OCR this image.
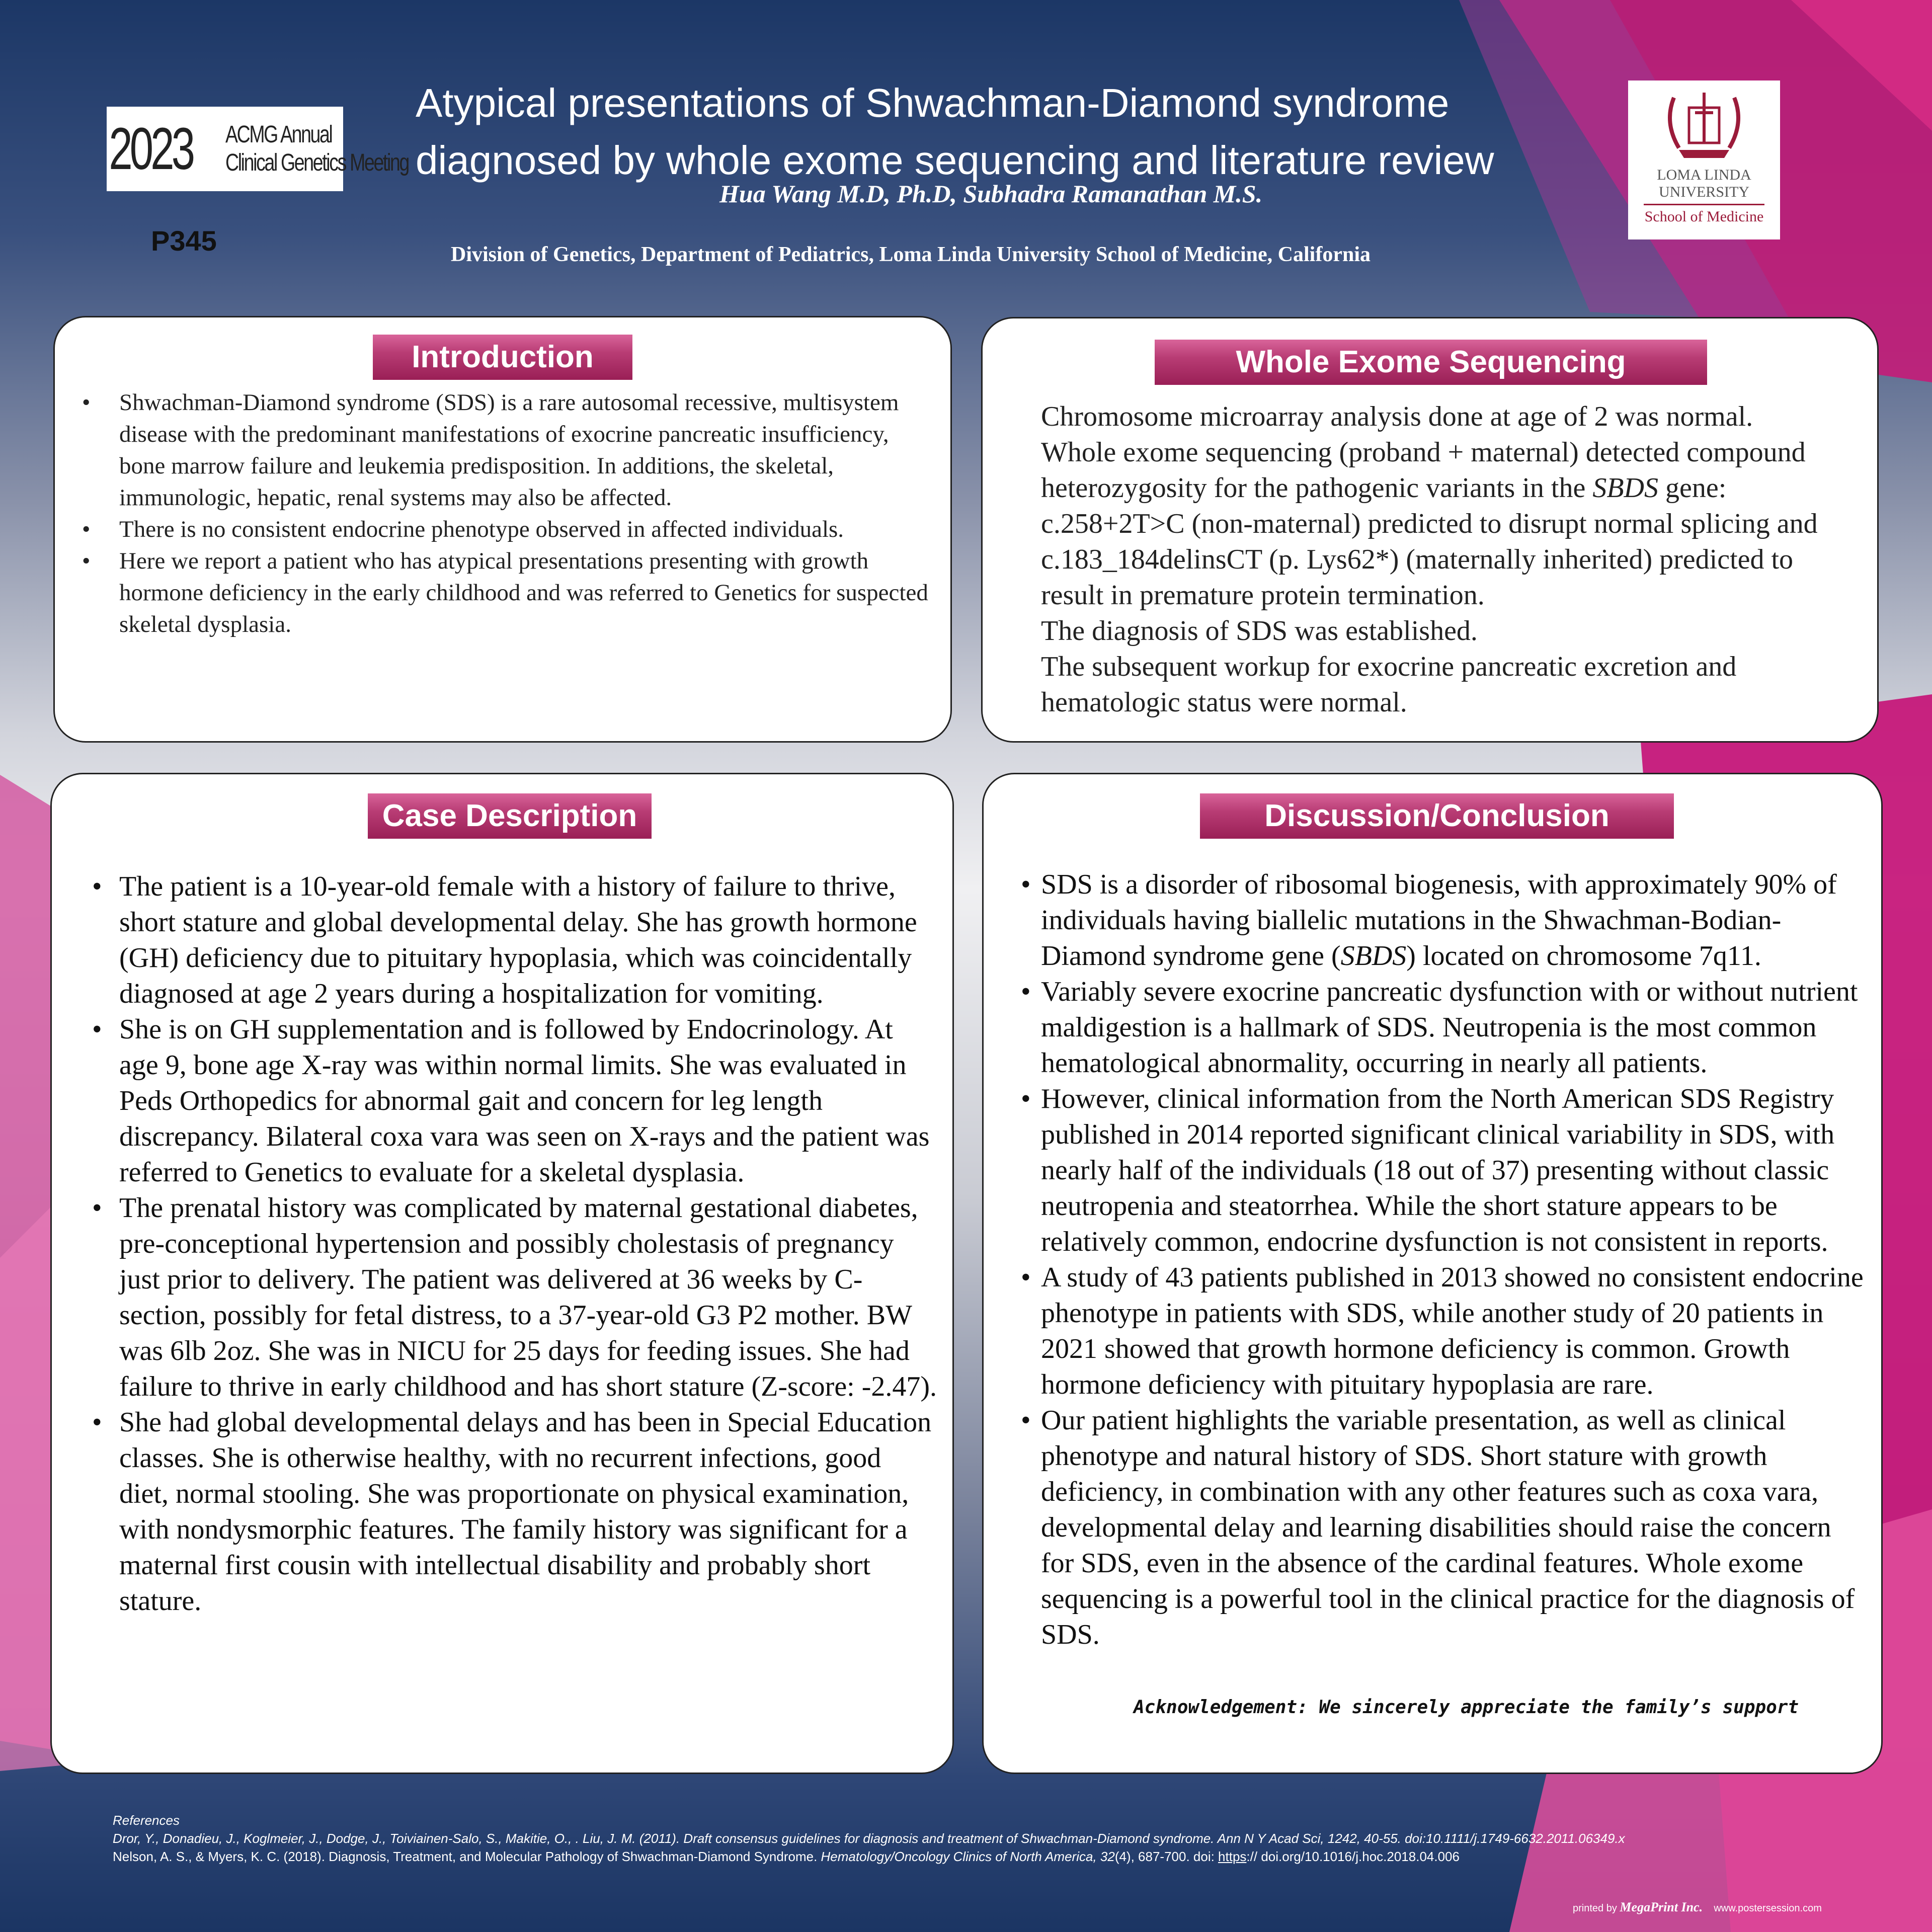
2023 ACMG Annual
Clinical Genetics Meeting
P345
Atypical presentations of Shwachman-Diamond syndrome
diagnosed by whole exome sequencing and literature review
Hua Wang M.D, Ph.D, Subhadra Ramanathan M.S.
Division of Genetics, Department of Pediatrics, Loma Linda University School of Medicine, California
LOMA LINDA
UNIVERSITY
School of Medicine
Introduction
• Shwachman-Diamond syndrome (SDS) is a rare autosomal recessive, multisystem disease with the predominant manifestations of exocrine pancreatic insufficiency, bone marrow failure and leukemia predisposition. In additions, the skeletal, immunologic, hepatic, renal systems may also be affected.
• There is no consistent endocrine phenotype observed in affected individuals.
• Here we report a patient who has atypical presentations presenting with growth hormone deficiency in the early childhood and was referred to Genetics for suspected skeletal dysplasia.
Whole Exome Sequencing
Chromosome microarray analysis done at age of 2 was normal.
Whole exome sequencing (proband + maternal) detected compound heterozygosity for the pathogenic variants in the SBDS gene: c.258+2T>C (non-maternal) predicted to disrupt normal splicing and c.183_184delinsCT (p. Lys62*) (maternally inherited) predicted to result in premature protein termination.
The diagnosis of SDS was established.
The subsequent workup for exocrine pancreatic excretion and hematologic status were normal.
Case Description
• The patient is a 10-year-old female with a history of failure to thrive, short stature and global developmental delay. She has growth hormone (GH) deficiency due to pituitary hypoplasia, which was coincidentally diagnosed at age 2 years during a hospitalization for vomiting.
• She is on GH supplementation and is followed by Endocrinology. At age 9, bone age X-ray was within normal limits. She was evaluated in Peds Orthopedics for abnormal gait and concern for leg length discrepancy. Bilateral coxa vara was seen on X-rays and the patient was referred to Genetics to evaluate for a skeletal dysplasia.
• The prenatal history was complicated by maternal gestational diabetes, pre-conceptional hypertension and possibly cholestasis of pregnancy just prior to delivery. The patient was delivered at 36 weeks by C-section, possibly for fetal distress, to a 37-year-old G3 P2 mother. BW was 6lb 2oz. She was in NICU for 25 days for feeding issues. She had failure to thrive in early childhood and has short stature (Z-score: -2.47).
• She had global developmental delays and has been in Special Education classes. She is otherwise healthy, with no recurrent infections, good diet, normal stooling. She was proportionate on physical examination, with nondysmorphic features. The family history was significant for a maternal first cousin with intellectual disability and probably short stature.
Discussion/Conclusion
• SDS is a disorder of ribosomal biogenesis, with approximately 90% of individuals having biallelic mutations in the Shwachman-Bodian-Diamond syndrome gene (SBDS) located on chromosome 7q11.
• Variably severe exocrine pancreatic dysfunction with or without nutrient maldigestion is a hallmark of SDS. Neutropenia is the most common hematological abnormality, occurring in nearly all patients.
• However, clinical information from the North American SDS Registry published in 2014 reported significant clinical variability in SDS, with nearly half of the individuals (18 out of 37) presenting without classic neutropenia and steatorrhea. While the short stature appears to be relatively common, endocrine dysfunction is not consistent in reports.
• A study of 43 patients published in 2013 showed no consistent endocrine phenotype in patients with SDS, while another study of 20 patients in 2021 showed that growth hormone deficiency is common. Growth hormone deficiency with pituitary hypoplasia are rare.
• Our patient highlights the variable presentation, as well as clinical phenotype and natural history of SDS. Short stature with growth deficiency, in combination with any other features such as coxa vara, developmental delay and learning disabilities should raise the concern for SDS, even in the absence of the cardinal features. Whole exome sequencing is a powerful tool in the clinical practice for the diagnosis of SDS.
Acknowledgement: We sincerely appreciate the family’s support
References
Dror, Y., Donadieu, J., Koglmeier, J., Dodge, J., Toiviainen-Salo, S., Makitie, O., . Liu, J. M. (2011). Draft consensus guidelines for diagnosis and treatment of Shwachman-Diamond syndrome. Ann N Y Acad Sci, 1242, 40-55. doi:10.1111/j.1749-6632.2011.06349.x
Nelson, A. S., & Myers, K. C. (2018). Diagnosis, Treatment, and Molecular Pathology of Shwachman-Diamond Syndrome. Hematology/Oncology Clinics of North America, 32(4), 687-700. doi: https:// doi.org/10.1016/j.hoc.2018.04.006
printed by MegaPrint Inc. www.postersession.com
